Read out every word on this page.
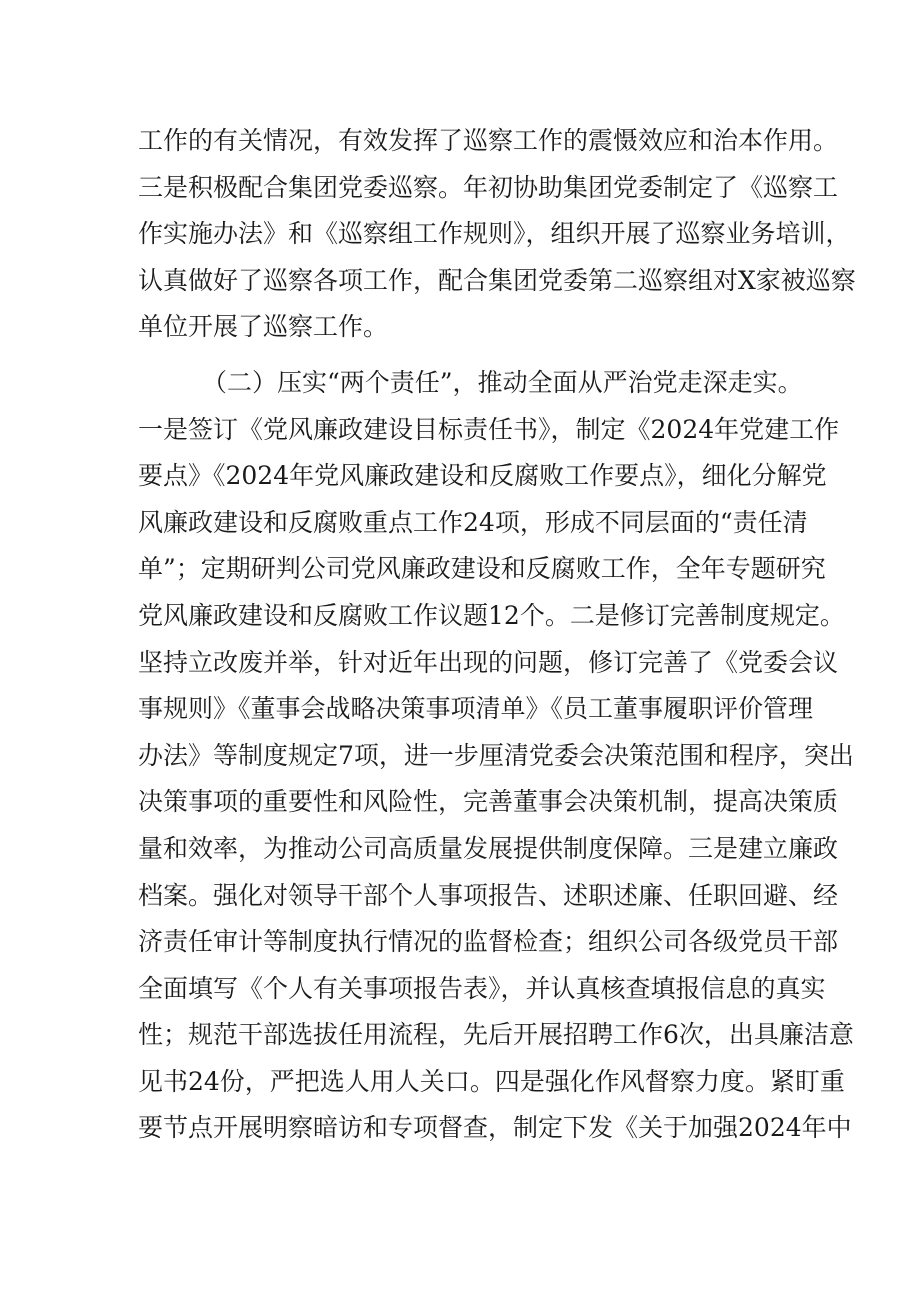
工作的有关情况，有效发挥了巡察工作的震慑效应和治本作用。
三是积极配合集团党委巡察。年初协助集团党委制定了《巡察工
作实施办法》和《巡察组工作规则》，组织开展了巡察业务培训，
认真做好了巡察各项工作，配合集团党委第二巡察组对X家被巡察
单位开展了巡察工作。
（二）压实“两个责任”，推动全面从严治党走深走实。
一是签订《党风廉政建设目标责任书》，制定《2024年党建工作
要点》《2024年党风廉政建设和反腐败工作要点》，细化分解党
风廉政建设和反腐败重点工作24项，形成不同层面的“责任清
单”；定期研判公司党风廉政建设和反腐败工作，全年专题研究
党风廉政建设和反腐败工作议题12个。二是修订完善制度规定。
坚持立改废并举，针对近年出现的问题，修订完善了《党委会议
事规则》《董事会战略决策事项清单》《员工董事履职评价管理
办法》等制度规定7项，进一步厘清党委会决策范围和程序，突出
决策事项的重要性和风险性，完善董事会决策机制，提高决策质
量和效率，为推动公司高质量发展提供制度保障。三是建立廉政
档案。强化对领导干部个人事项报告、述职述廉、任职回避、经
济责任审计等制度执行情况的监督检查；组织公司各级党员干部
全面填写《个人有关事项报告表》，并认真核查填报信息的真实
性；规范干部选拔任用流程，先后开展招聘工作6次，出具廉洁意
见书24份，严把选人用人关口。四是强化作风督察力度。紧盯重
要节点开展明察暗访和专项督查，制定下发《关于加强2024年中
